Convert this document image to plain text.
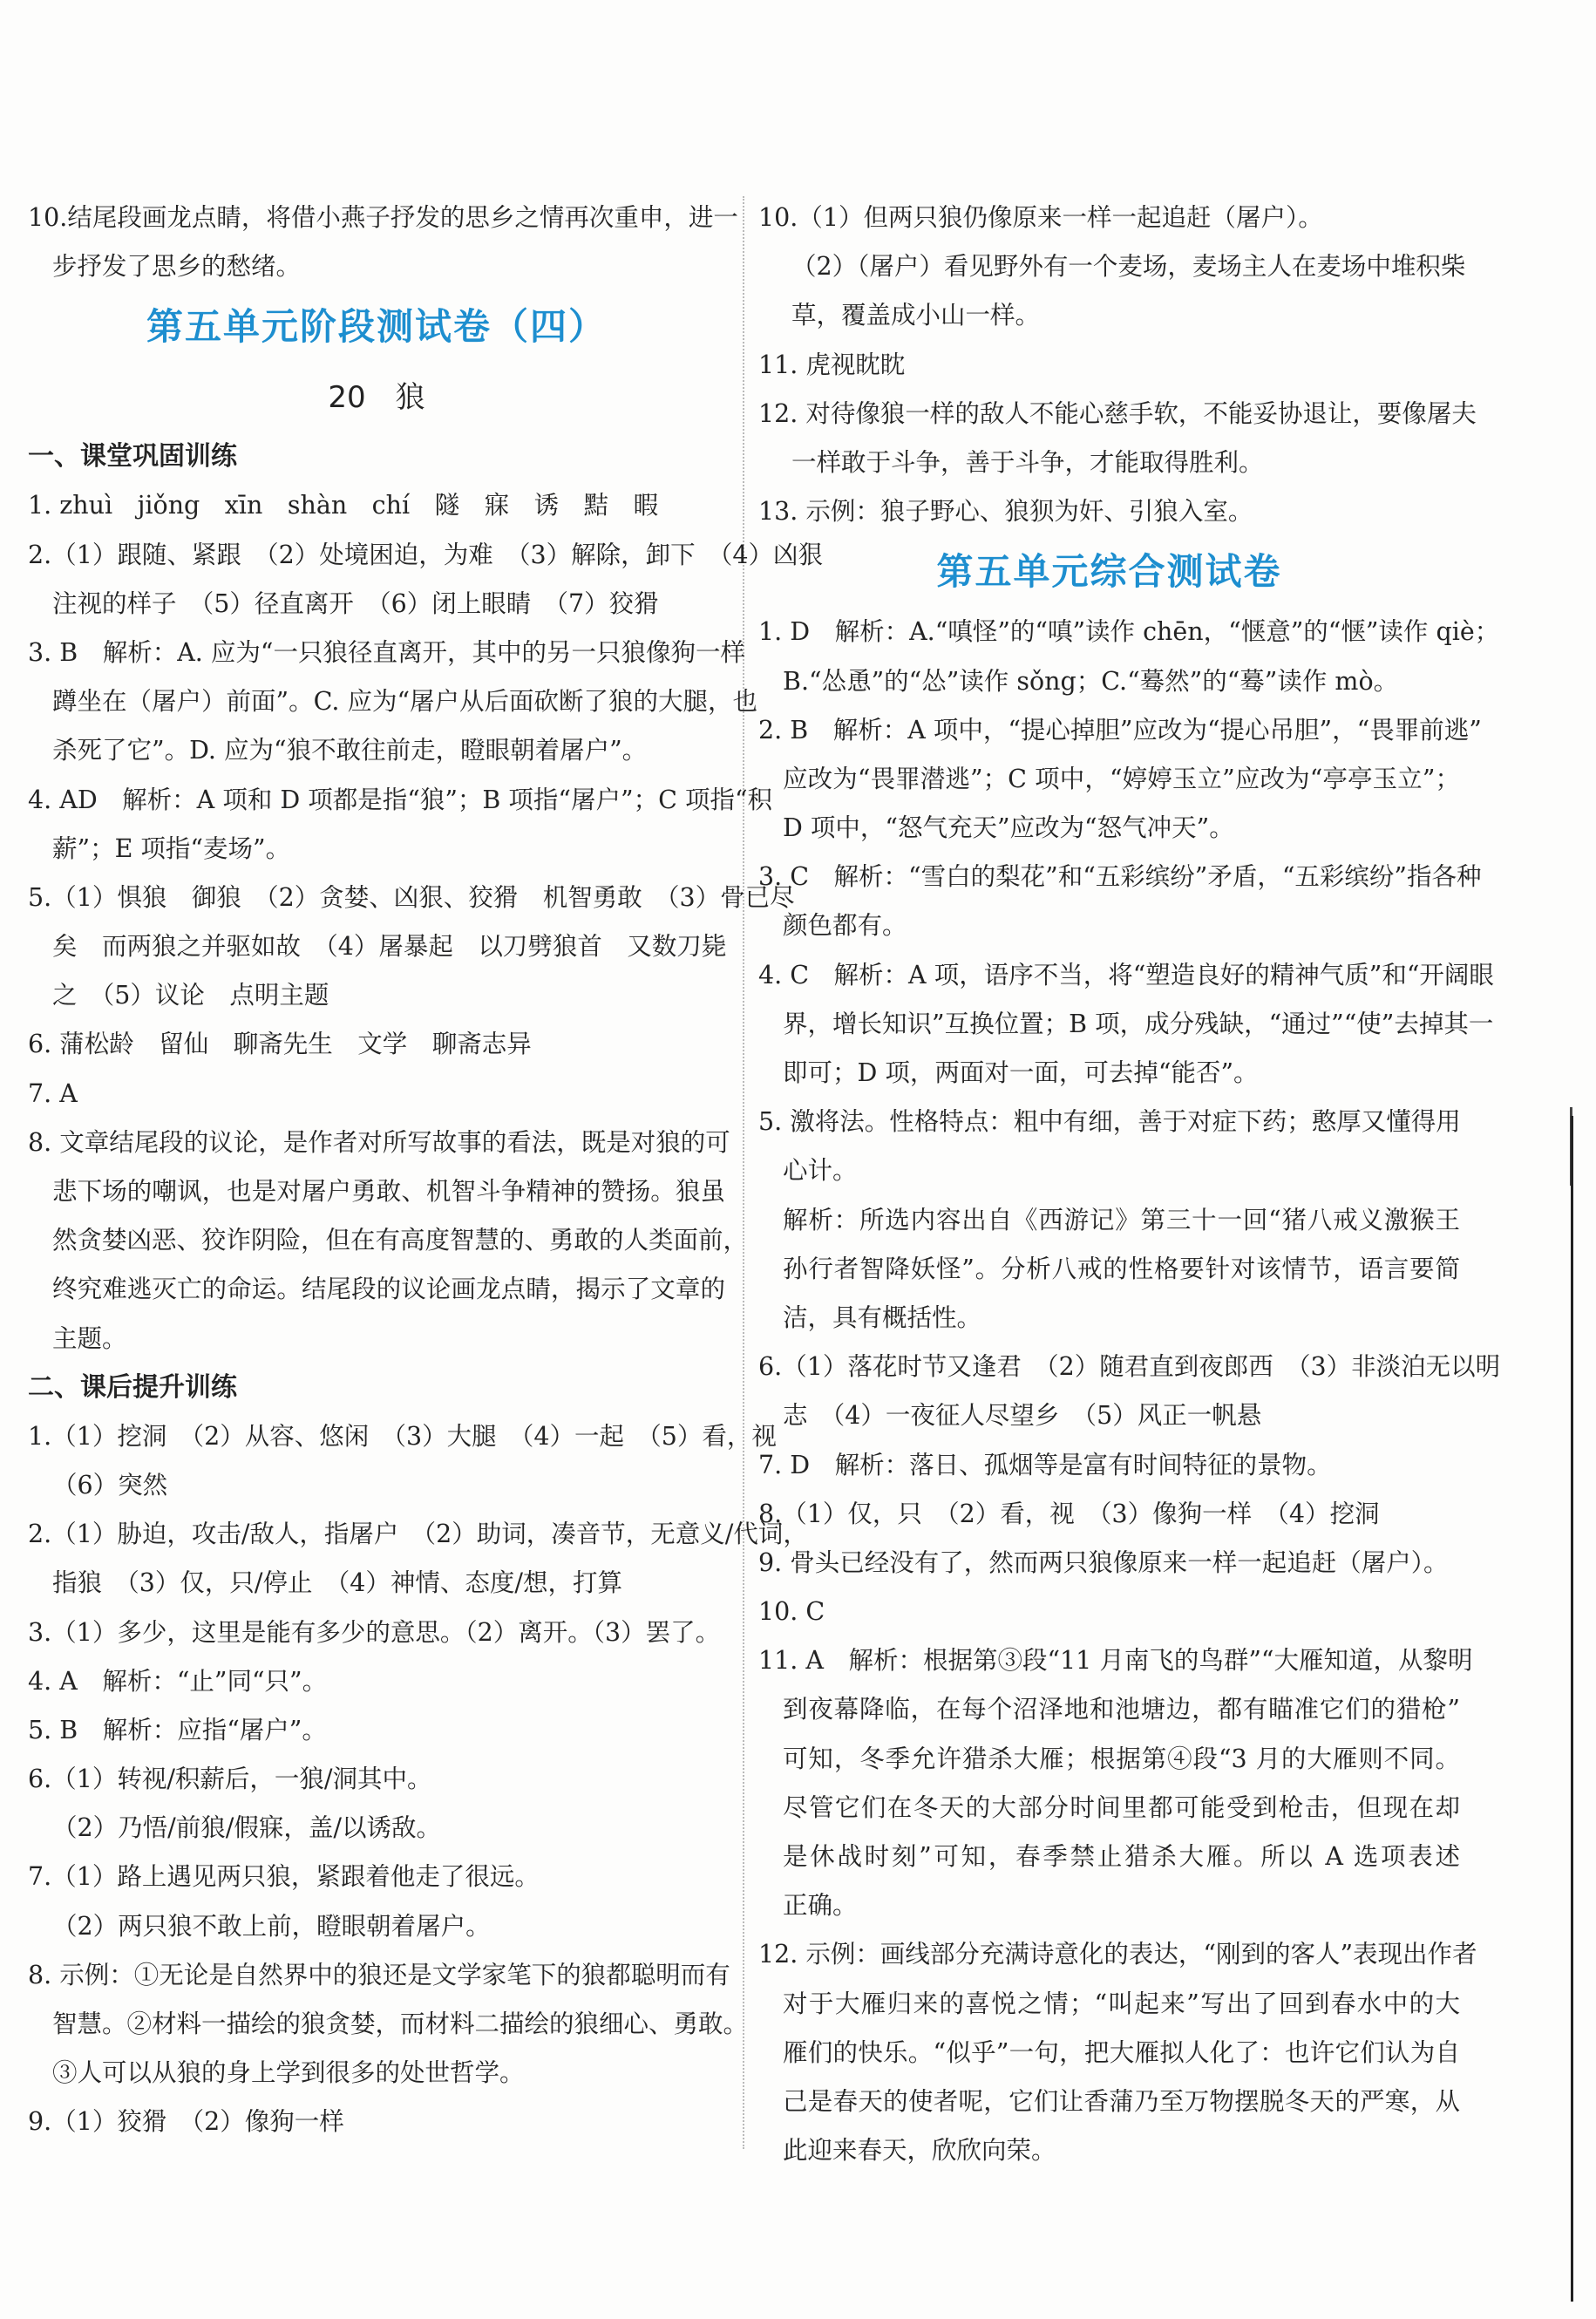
10.结尾段画龙点睛，将借小燕子抒发的思乡之情再次重申，进一
步抒发了思乡的愁绪。
第五单元阶段测试卷（四）
20　狼
一、课堂巩固训练
1. zhuì　jiǒng　xīn　shàn　chí　隧　寐　诱　黠　暇
2.（1）跟随、紧跟　（2）处境困迫，为难　（3）解除，卸下　（4）凶狠
注视的样子　（5）径直离开　（6）闭上眼睛　（7）狡猾
3. B　解析：A. 应为“一只狼径直离开，其中的另一只狼像狗一样
蹲坐在（屠户）前面”。C. 应为“屠户从后面砍断了狼的大腿，也
杀死了它”。D. 应为“狼不敢往前走，瞪眼朝着屠户”。
4. AD　解析：A 项和 D 项都是指“狼”；B 项指“屠户”；C 项指“积
薪”；E 项指“麦场”。
5.（1）惧狼　御狼　（2）贪婪、凶狠、狡猾　机智勇敢　（3）骨已尽
矣　而两狼之并驱如故　（4）屠暴起　以刀劈狼首　又数刀毙
之　（5）议论　点明主题
6. 蒲松龄　留仙　聊斋先生　文学　聊斋志异
7. A
8. 文章结尾段的议论，是作者对所写故事的看法，既是对狼的可
悲下场的嘲讽，也是对屠户勇敢、机智斗争精神的赞扬。狼虽
然贪婪凶恶、狡诈阴险，但在有高度智慧的、勇敢的人类面前，
终究难逃灭亡的命运。结尾段的议论画龙点睛，揭示了文章的
主题。
二、课后提升训练
1.（1）挖洞　（2）从容、悠闲　（3）大腿　（4）一起　（5）看，视
（6）突然
2.（1）胁迫，攻击/敌人，指屠户　（2）助词，凑音节，无意义/代词，
指狼　（3）仅，只/停止　（4）神情、态度/想，打算
3.（1）多少，这里是能有多少的意思。（2）离开。（3）罢了。
4. A　解析：“止”同“只”。
5. B　解析：应指“屠户”。
6.（1）转视/积薪后，一狼/洞其中。
（2）乃悟/前狼/假寐，盖/以诱敌。
7.（1）路上遇见两只狼，紧跟着他走了很远。
（2）两只狼不敢上前，瞪眼朝着屠户。
8. 示例：①无论是自然界中的狼还是文学家笔下的狼都聪明而有
智慧。②材料一描绘的狼贪婪，而材料二描绘的狼细心、勇敢。
③人可以从狼的身上学到很多的处世哲学。
9.（1）狡猾　（2）像狗一样
10.（1）但两只狼仍像原来一样一起追赶（屠户）。
（2）（屠户）看见野外有一个麦场，麦场主人在麦场中堆积柴
草，覆盖成小山一样。
11. 虎视眈眈
12. 对待像狼一样的敌人不能心慈手软，不能妥协退让，要像屠夫
一样敢于斗争，善于斗争，才能取得胜利。
13. 示例：狼子野心、狼狈为奸、引狼入室。
第五单元综合测试卷
1. D　解析：A.“嗔怪”的“嗔”读作 chēn，“惬意”的“惬”读作 qiè；
B.“怂恿”的“怂”读作 sǒng；C.“蓦然”的“蓦”读作 mò。
2. B　解析：A 项中，“提心掉胆”应改为“提心吊胆”，“畏罪前逃”
应改为“畏罪潜逃”；C 项中，“婷婷玉立”应改为“亭亭玉立”；
D 项中，“怒气充天”应改为“怒气冲天”。
3. C　解析：“雪白的梨花”和“五彩缤纷”矛盾，“五彩缤纷”指各种
颜色都有。
4. C　解析：A 项，语序不当，将“塑造良好的精神气质”和“开阔眼
界，增长知识”互换位置；B 项，成分残缺，“通过”“使”去掉其一
即可；D 项，两面对一面，可去掉“能否”。
5. 激将法。性格特点：粗中有细，善于对症下药；憨厚又懂得用
心计。
解析：所选内容出自《西游记》第三十一回“猪八戒义激猴王
孙行者智降妖怪”。分析八戒的性格要针对该情节，语言要简
洁，具有概括性。
6.（1）落花时节又逢君　（2）随君直到夜郎西　（3）非淡泊无以明
志　（4）一夜征人尽望乡　（5）风正一帆悬
7. D　解析：落日、孤烟等是富有时间特征的景物。
8.（1）仅，只　（2）看，视　（3）像狗一样　（4）挖洞
9. 骨头已经没有了，然而两只狼像原来一样一起追赶（屠户）。
10. C
11. A　解析：根据第③段“11 月南飞的鸟群”“大雁知道，从黎明
到夜幕降临，在每个沼泽地和池塘边，都有瞄准它们的猎枪”
可知，冬季允许猎杀大雁；根据第④段“3 月的大雁则不同。
尽管它们在冬天的大部分时间里都可能受到枪击，但现在却
是休战时刻”可知，春季禁止猎杀大雁。所以 A 选项表述
正确。
12. 示例：画线部分充满诗意化的表达，“刚到的客人”表现出作者
对于大雁归来的喜悦之情；“叫起来”写出了回到春水中的大
雁们的快乐。“似乎”一句，把大雁拟人化了：也许它们认为自
己是春天的使者呢，它们让香蒲乃至万物摆脱冬天的严寒，从
此迎来春天，欣欣向荣。
